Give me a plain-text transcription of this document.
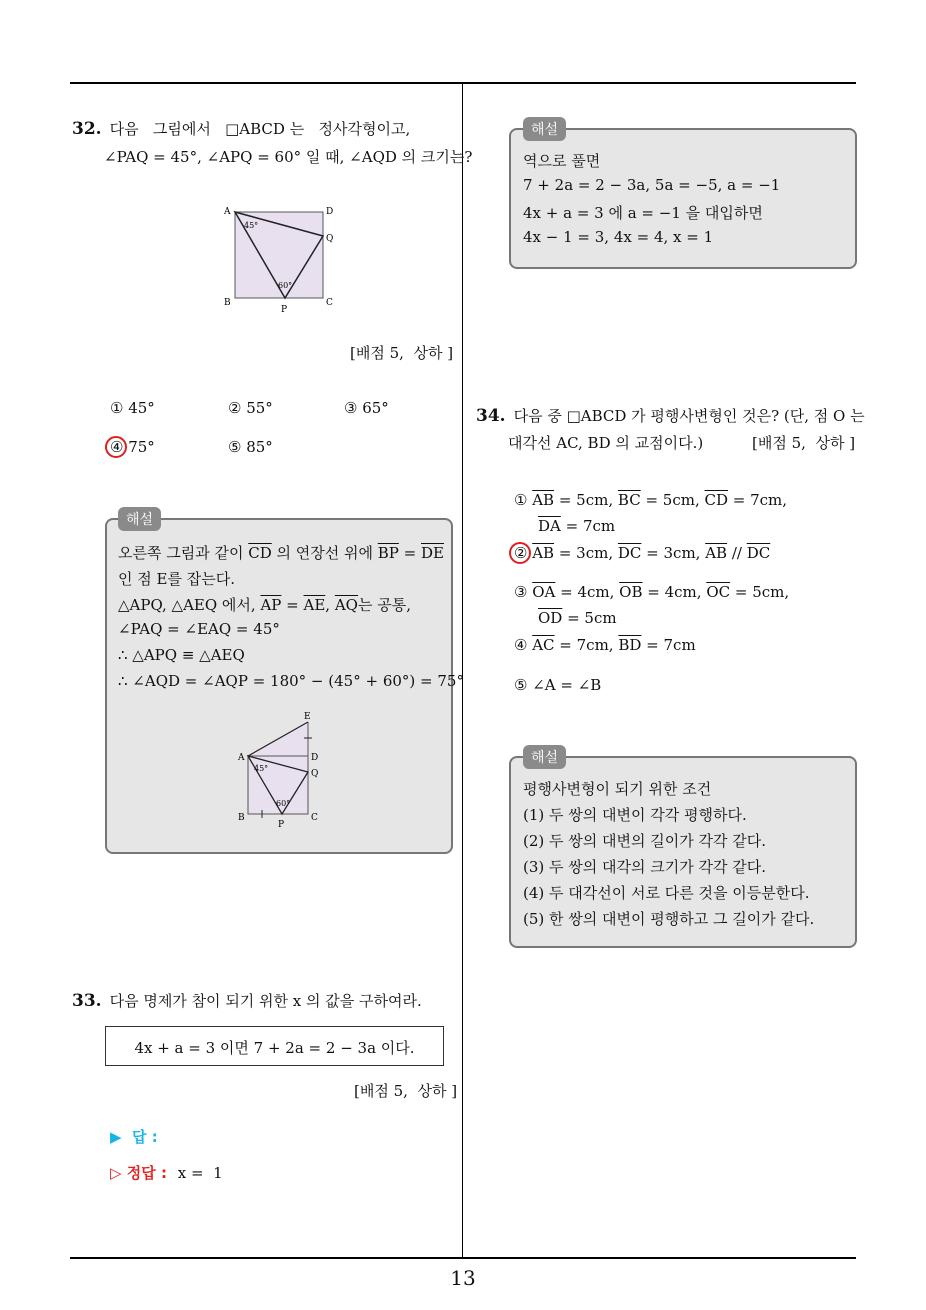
32. 다음   그림에서   □ABCD 는   정사각형이고,
∠PAQ = 45°, ∠APQ = 60° 일 때, ∠AQD 의 크기는?
A	D
Q
B	C
P
45°
60°
[배점 5,  상하 ]
① 45°	② 55°	③ 65°
④ 75°	⑤ 85°
해설
오른쪽 그림과 같이 $\overline{CD}$ 의 연장선 위에 $\overline{BP} = \overline{DE}$
인 점 E를 잡는다.
△APQ, △AEQ 에서, $\overline{AP} = \overline{AE}$, $\overline{AQ}$는 공통,
∠PAQ = ∠EAQ = 45°
∴ △APQ ≡ △AEQ
∴ ∠AQD = ∠AQP = 180° − (45° + 60°) = 75°
E
A	D
Q
B	C
P
45°
60°
33. 다음 명제가 참이 되기 위한 x 의 값을 구하여라.
4x + a = 3 이면 7 + 2a = 2 − 3a 이다.
[배점 5,  상하 ]
▶  답 :
▷ 정답 : x =  1
해설
역으로 풀면
7 + 2a = 2 − 3a, 5a = −5, a = −1
4x + a = 3 에 a = −1 을 대입하면
4x − 1 = 3, 4x = 4, x = 1
34. 다음 중 □ABCD 가 평행사변형인 것은? (단, 점 O 는
대각선 AC, BD 의 교점이다.)	[배점 5,  상하 ]
① $\overline{AB} = 5cm$, $\overline{BC} = 5cm$, $\overline{CD} = 7cm$,
$\overline{DA} = 7cm$
② $\overline{AB} = 3cm$, $\overline{DC} = 3cm$, $\overline{AB} // \overline{DC}$
③ $\overline{OA} = 4cm$, $\overline{OB} = 4cm$, $\overline{OC} = 5cm$,
$\overline{OD} = 5cm$
④ $\overline{AC} = 7cm$, $\overline{BD} = 7cm$
⑤ ∠A = ∠B
해설
평행사변형이 되기 위한 조건
(1) 두 쌍의 대변이 각각 평행하다.
(2) 두 쌍의 대변의 길이가 각각 같다.
(3) 두 쌍의 대각의 크기가 각각 같다.
(4) 두 대각선이 서로 다른 것을 이등분한다.
(5) 한 쌍의 대변이 평행하고 그 길이가 같다.
13
